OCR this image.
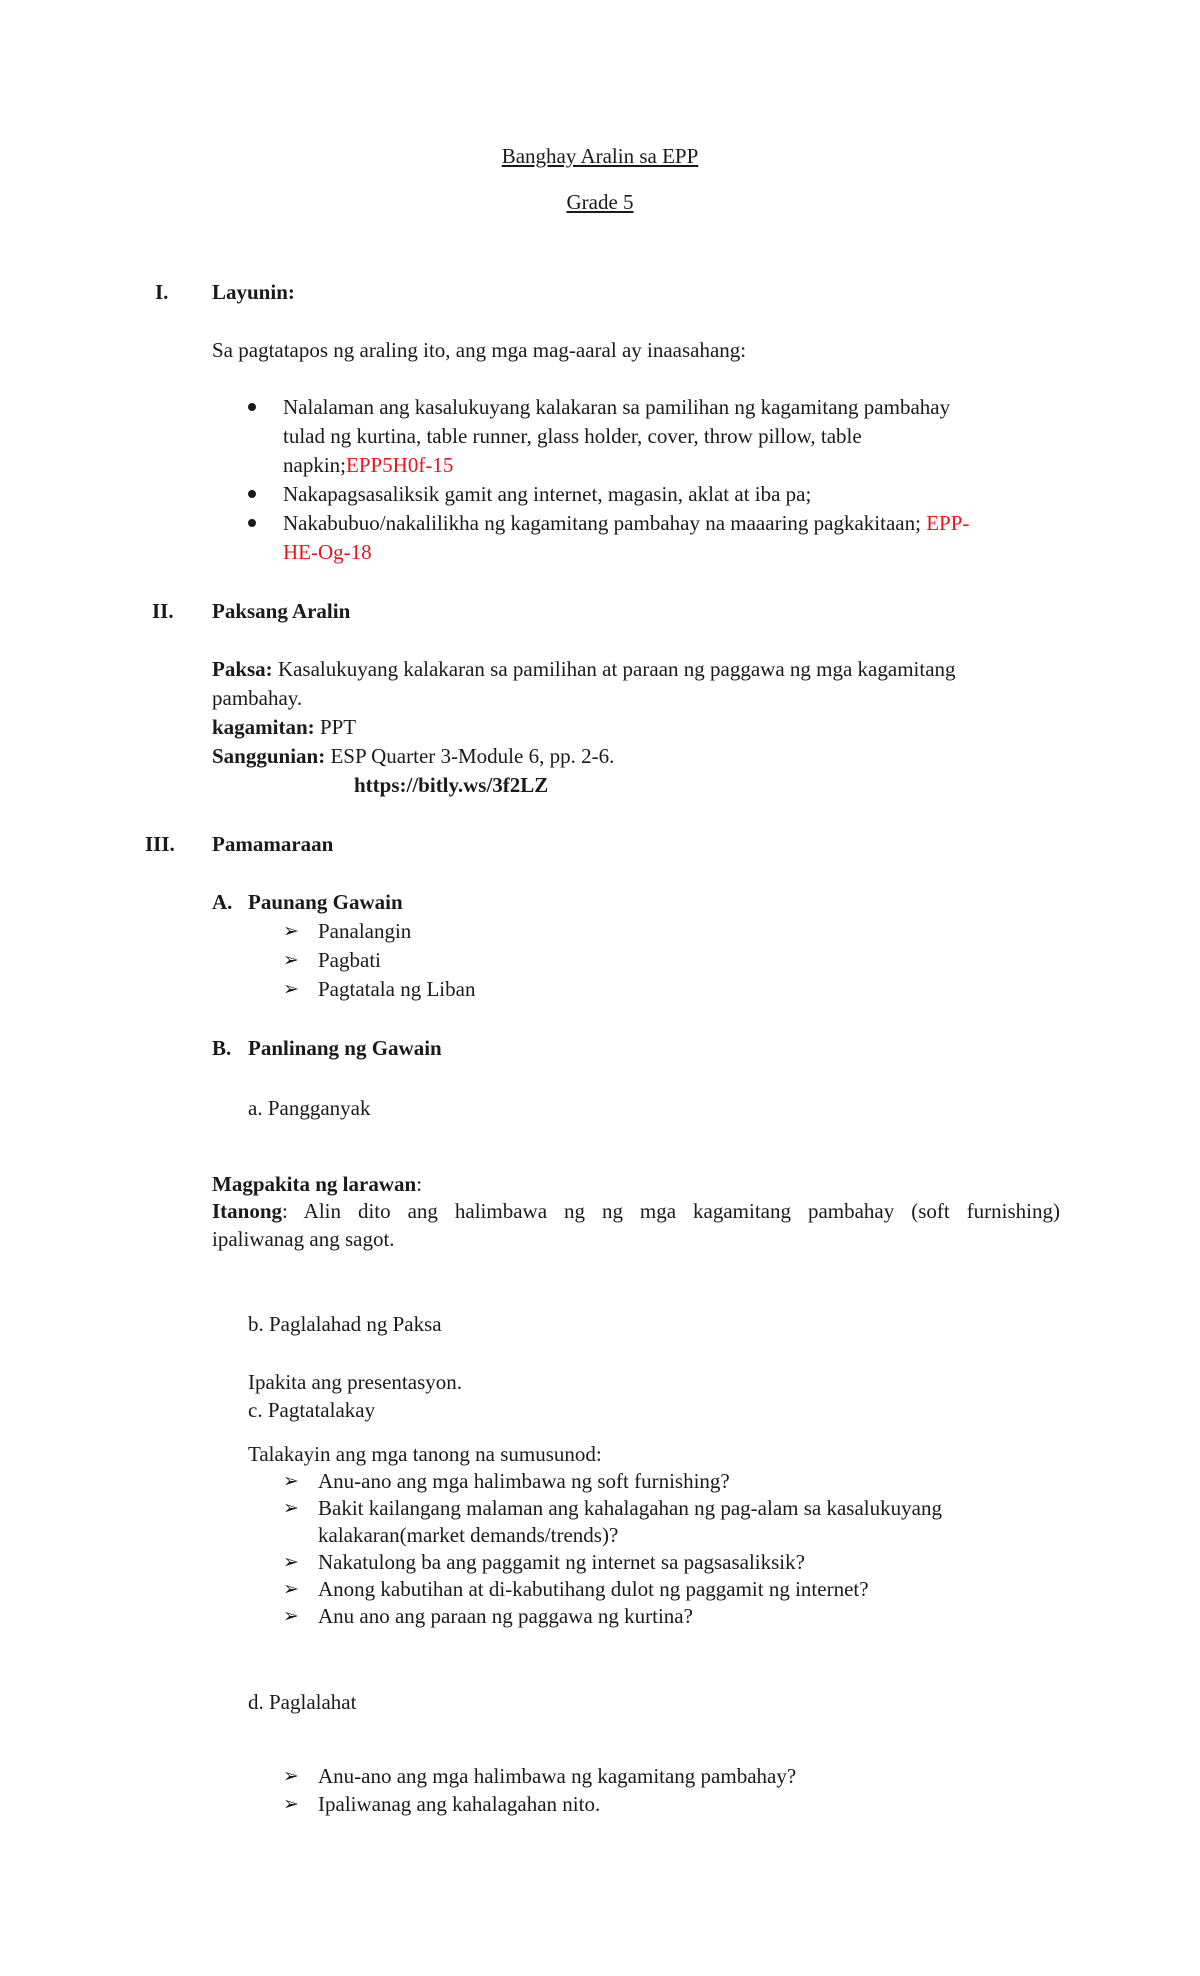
Banghay Aralin sa EPP
Grade 5
I. Layunin:
Sa pagtatapos ng araling ito, ang mga mag-aaral ay inaasahang:
Nalalaman ang kasalukuyang kalakaran sa pamilihan ng kagamitang pambahay
tulad ng kurtina, table runner, glass holder, cover, throw pillow, table
napkin;EPP5H0f-15
Nakapagsasaliksik gamit ang internet, magasin, aklat at iba pa;
Nakabubuo/nakalilikha ng kagamitang pambahay na maaaring pagkakitaan; EPP-
HE-Og-18
II. Paksang Aralin
Paksa: Kasalukuyang kalakaran sa pamilihan at paraan ng paggawa ng mga kagamitang
pambahay.
kagamitan: PPT
Sanggunian: ESP Quarter 3-Module 6, pp. 2-6.
https://bitly.ws/3f2LZ
III. Pamamaraan
A. Paunang Gawain
➢ Panalangin
➢ Pagbati
➢ Pagtatala ng Liban
B. Panlinang ng Gawain
a. Pangganyak
Magpakita ng larawan:
Itanong: Alin dito ang halimbawa ng ng mga kagamitang pambahay (soft furnishing)
ipaliwanag ang sagot.
b. Paglalahad ng Paksa
Ipakita ang presentasyon.
c. Pagtatalakay
Talakayin ang mga tanong na sumusunod:
➢ Anu-ano ang mga halimbawa ng soft furnishing?
➢ Bakit kailangang malaman ang kahalagahan ng pag-alam sa kasalukuyang
kalakaran(market demands/trends)?
➢ Nakatulong ba ang paggamit ng internet sa pagsasaliksik?
➢ Anong kabutihan at di-kabutihang dulot ng paggamit ng internet?
➢ Anu ano ang paraan ng paggawa ng kurtina?
d. Paglalahat
➢ Anu-ano ang mga halimbawa ng kagamitang pambahay?
➢ Ipaliwanag ang kahalagahan nito.
